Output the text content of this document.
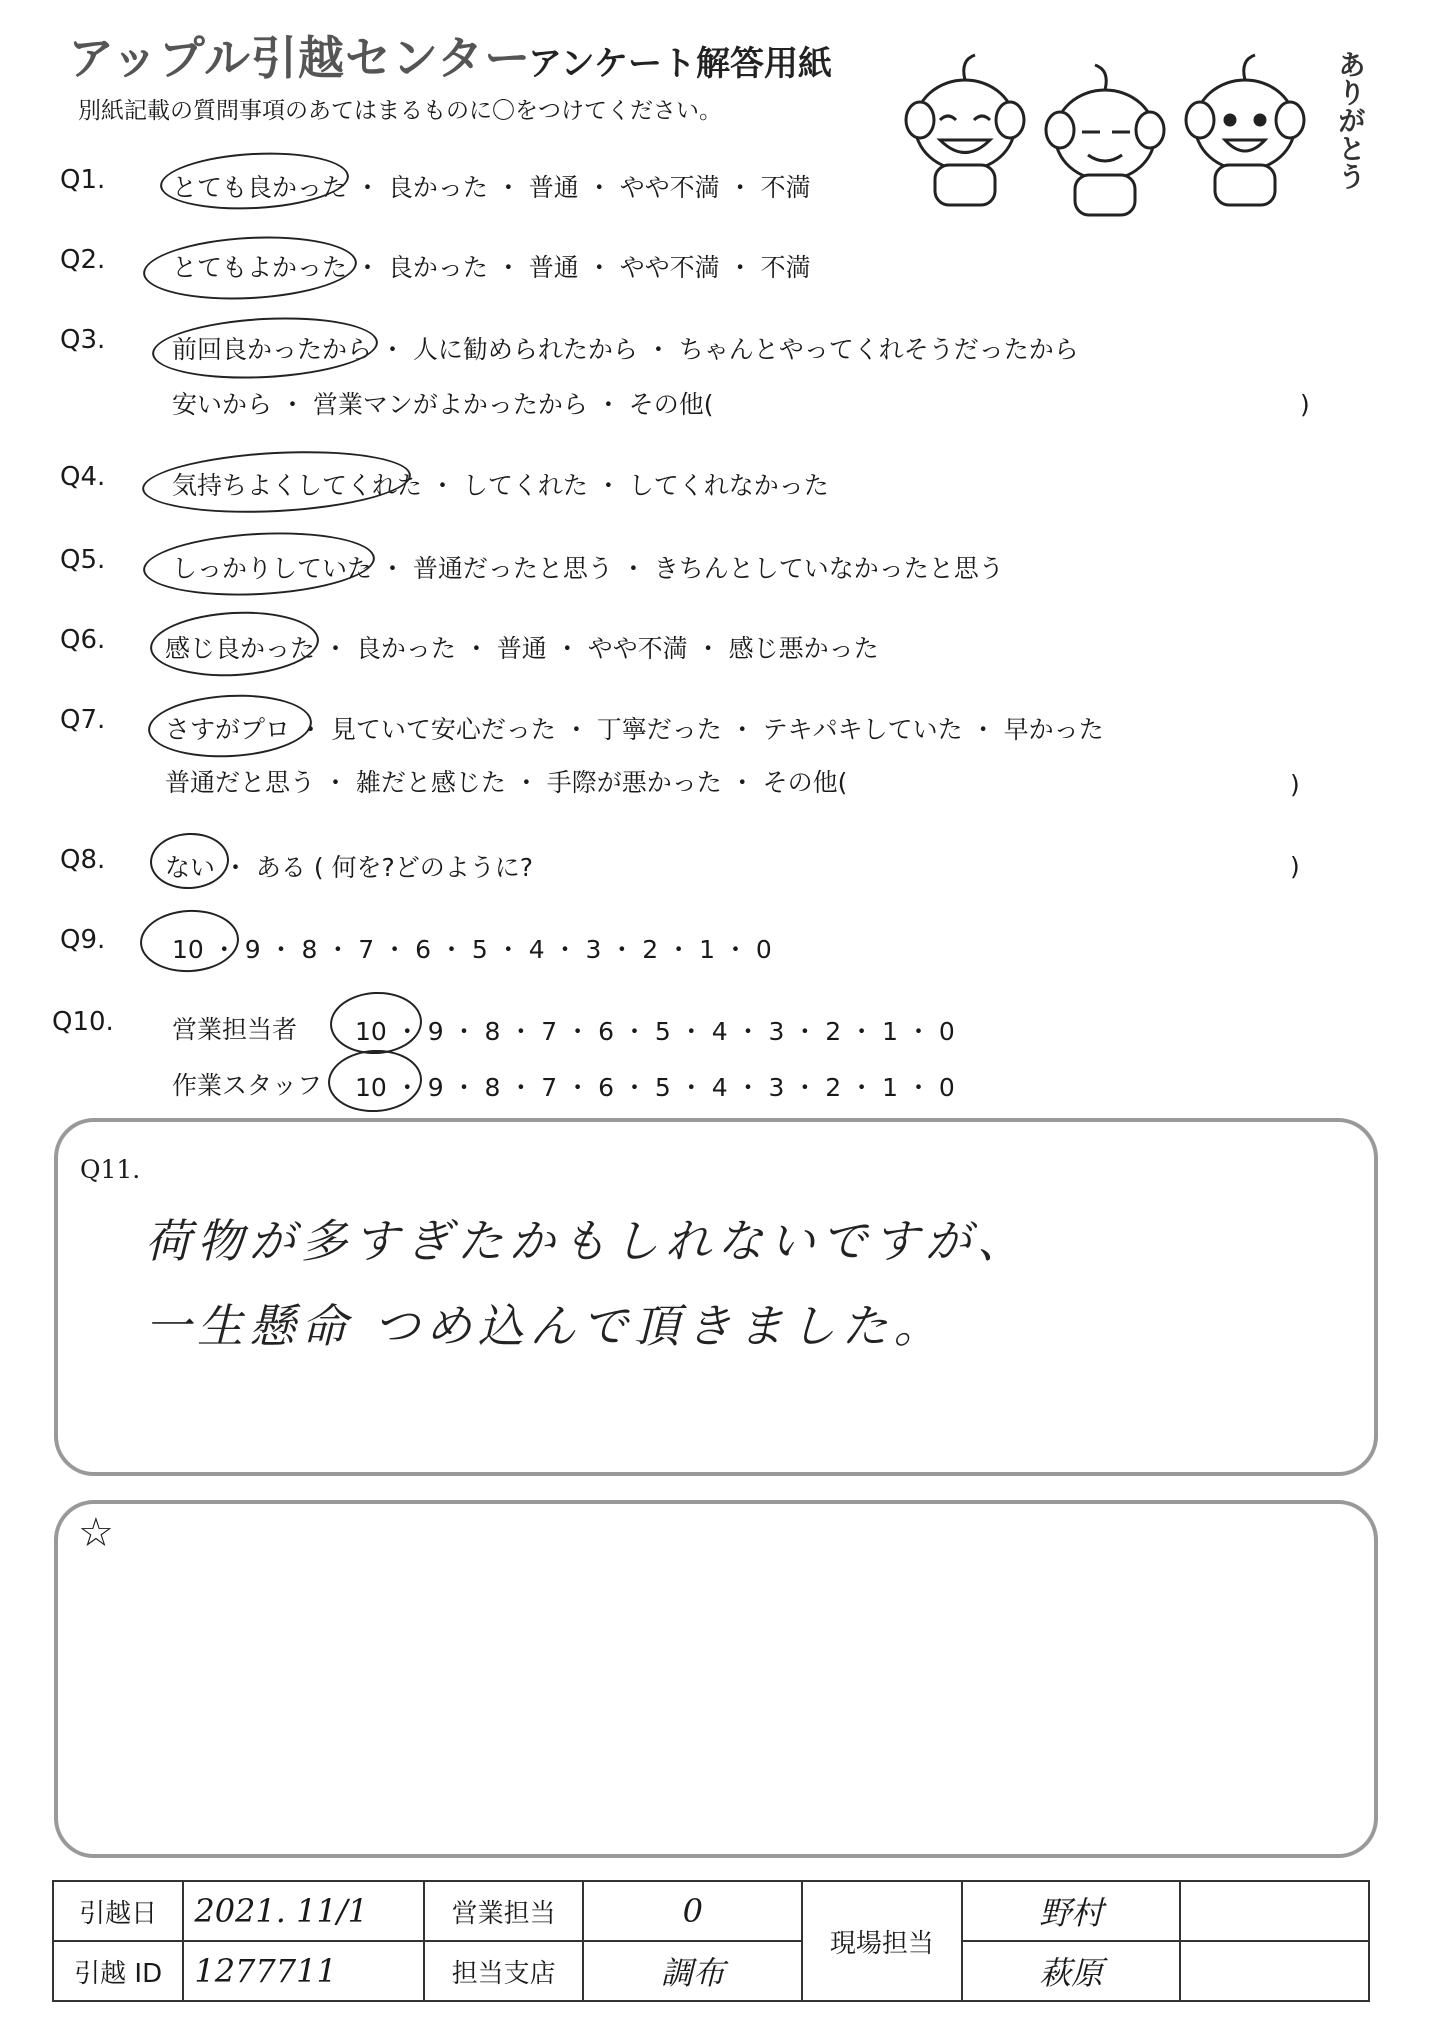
アップル引越センター
アンケート解答用紙
別紙記載の質問事項のあてはまるものに〇をつけてください。	ありがとう
Q1.	とても良かった ・ 良かった ・ 普通 ・ やや不満 ・ 不満
Q2.	とてもよかった ・ 良かった ・ 普通 ・ やや不満 ・ 不満
Q3.	前回良かったから ・ 人に勧められたから ・ ちゃんとやってくれそうだったから
安いから ・ 営業マンがよかったから ・ その他(	)
Q4.	気持ちよくしてくれた ・ してくれた ・ してくれなかった
Q5.	しっかりしていた ・ 普通だったと思う ・ きちんとしていなかったと思う
Q6. 感じ良かった ・ 良かった ・ 普通 ・ やや不満 ・ 感じ悪かった
Q7. さすがプロ ・ 見ていて安心だった ・ 丁寧だった ・ テキパキしていた ・ 早かった
普通だと思う ・ 雑だと感じた ・ 手際が悪かった ・ その他(	)
Q8. ない ・ ある ( 何を?どのように?	)
Q9.	10 ・ 9 ・ 8 ・ 7 ・ 6 ・ 5 ・ 4 ・ 3 ・ 2 ・ 1 ・ 0
Q10. 営業担当者 10 ・ 9 ・ 8 ・ 7 ・ 6 ・ 5 ・ 4 ・ 3 ・ 2 ・ 1 ・ 0
作業スタッフ 10 ・ 9 ・ 8 ・ 7 ・ 6 ・ 5 ・ 4 ・ 3 ・ 2 ・ 1 ・ 0
Q11.
荷物が多すぎたかもしれないですが、
一生懸命 つめ込んで頂きました。
☆
引越日	2021. 11/1	営業担当	0	現場担当	野村	
引越 ID	1277711	担当支店	調布		萩原	
